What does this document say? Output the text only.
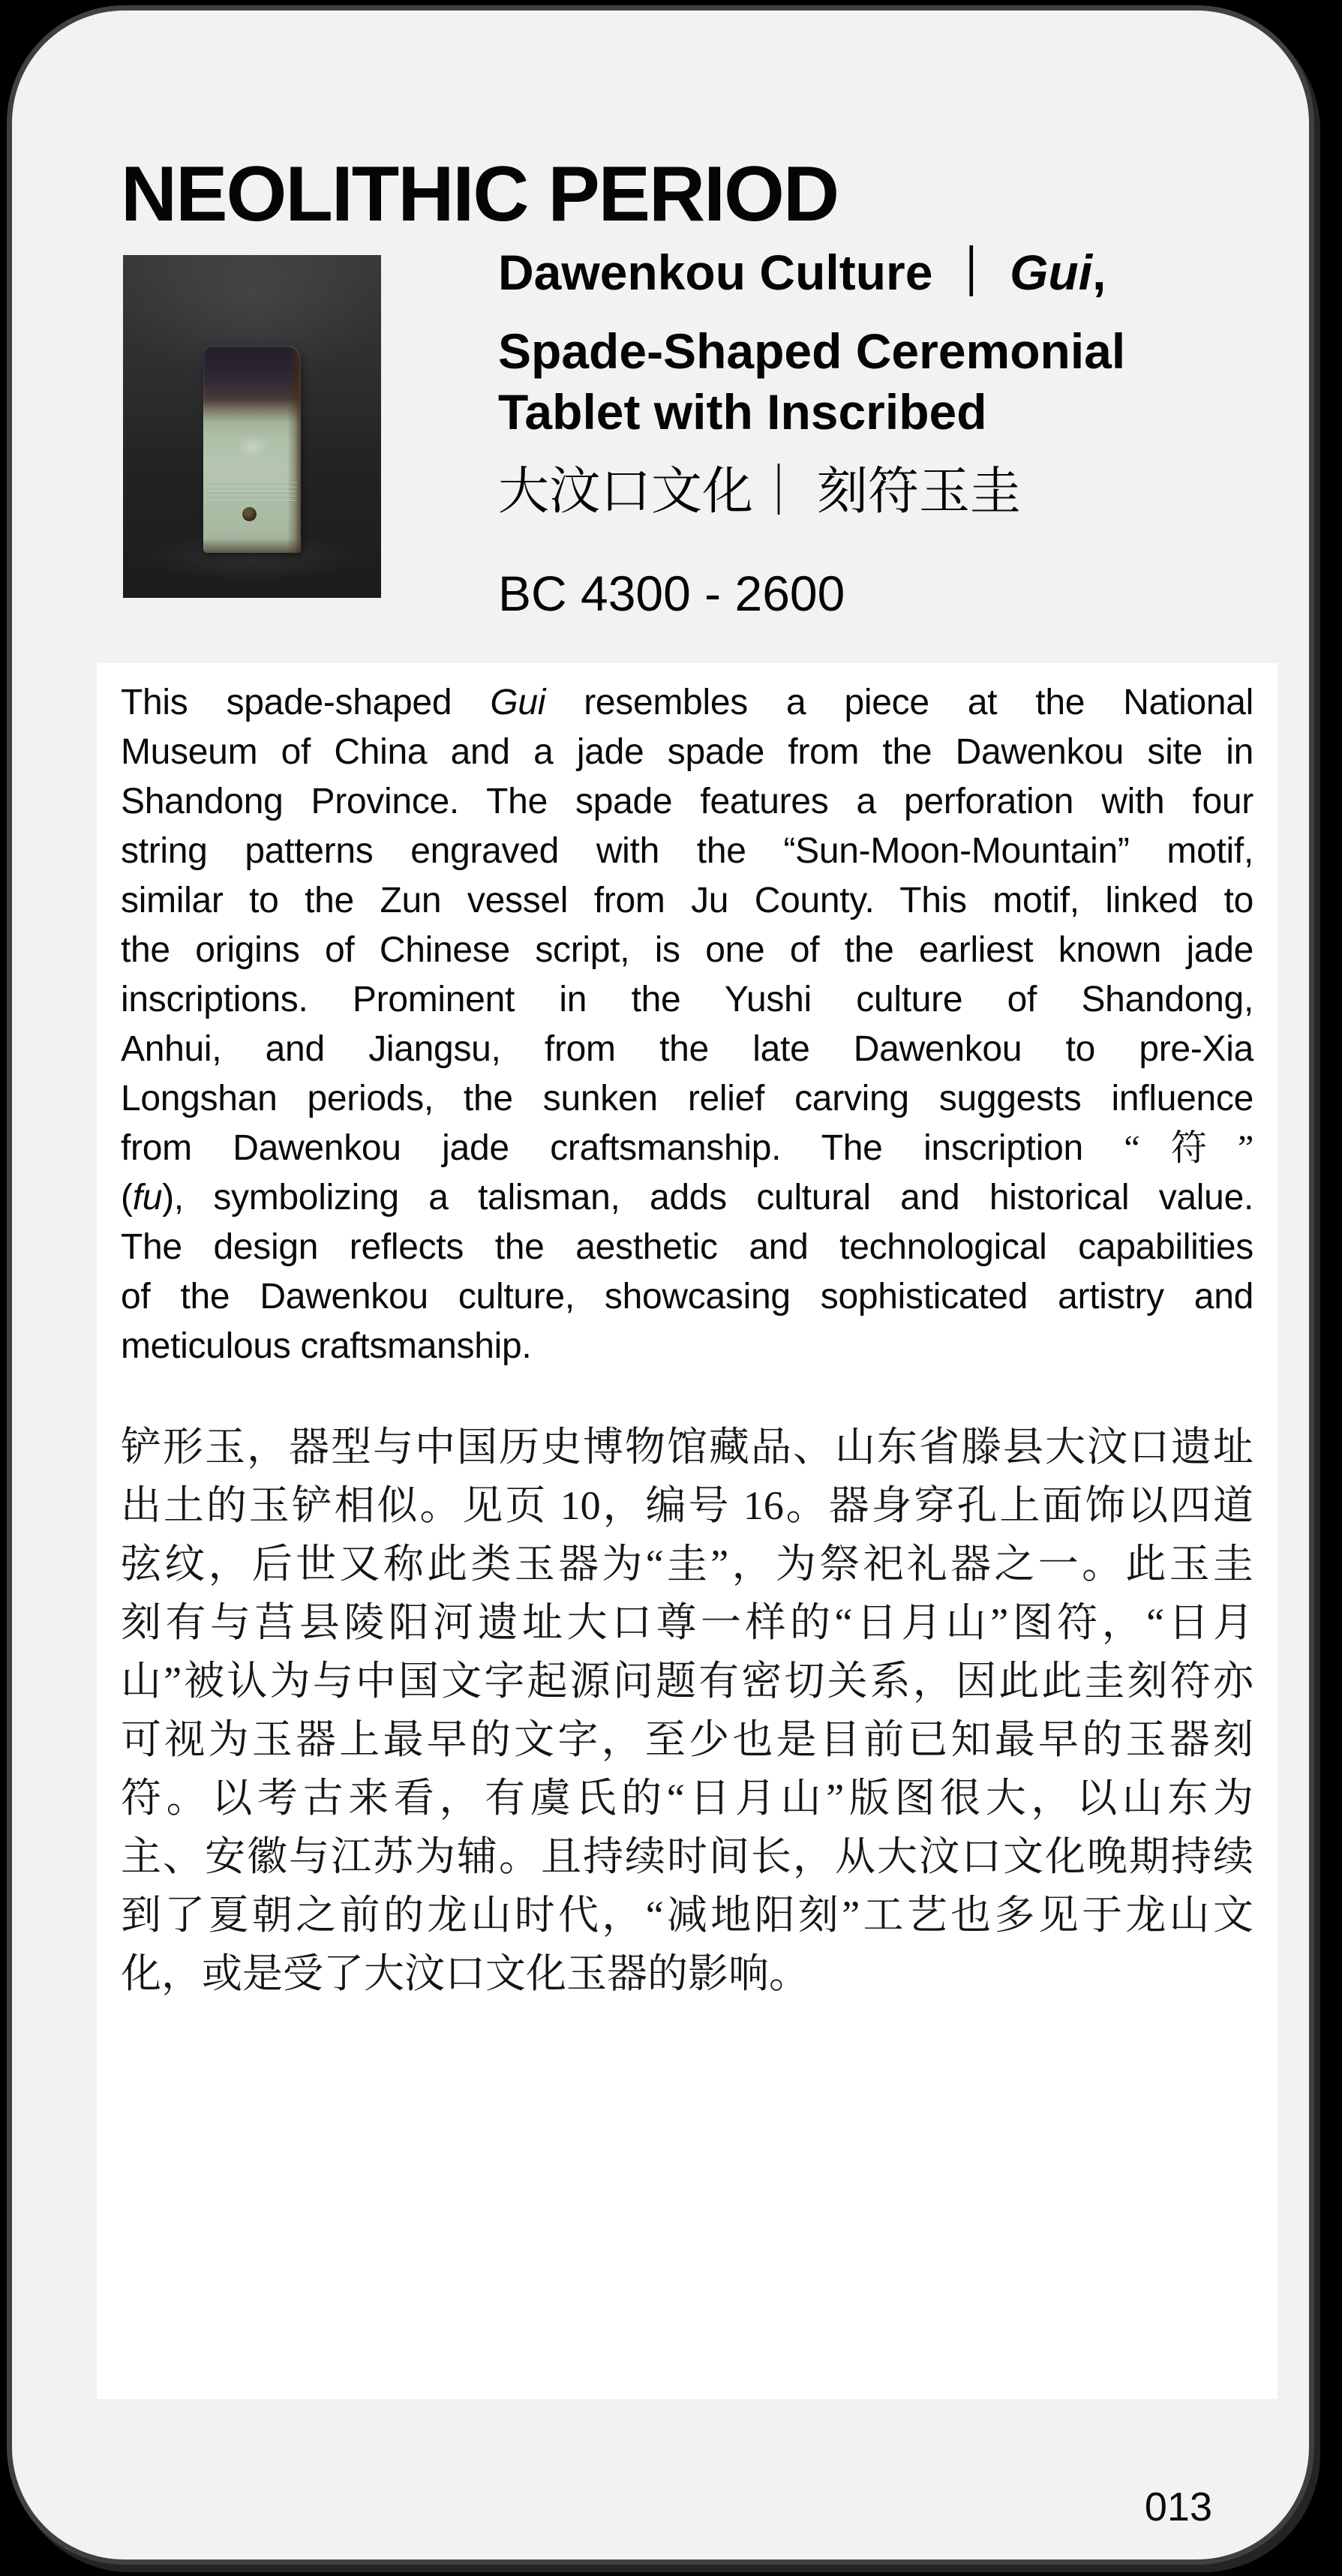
NEOLITHIC PERIOD
Dawenkou Culture ｜ Gui,
Spade-Shaped Ceremonial
Tablet with Inscribed
大汶口文化｜ 刻符玉圭
BC 4300 - 2600
This spade-shaped Gui resembles a piece at the National
Museum of China and a jade spade from the Dawenkou site in
Shandong Province. The spade features a perforation with four
string patterns engraved with the “Sun-Moon-Mountain” motif,
similar to the Zun vessel from Ju County. This motif, linked to
the origins of Chinese script, is one of the earliest known jade
inscriptions. Prominent in the Yushi culture of Shandong,
Anhui, and Jiangsu, from the late Dawenkou to pre-Xia
Longshan periods, the sunken relief carving suggests influence
from Dawenkou jade craftsmanship. The inscription “符”
(fu), symbolizing a talisman, adds cultural and historical value.
The design reflects the aesthetic and technological capabilities
of the Dawenkou culture, showcasing sophisticated artistry and
meticulous craftsmanship.
铲形玉，器型与中国历史博物馆藏品、山东省滕县大汶口遗址
出土的玉铲相似。见页 10，编号 16。器身穿孔上面饰以四道
弦纹，后世又称此类玉器为“圭”，为祭祀礼器之一。此玉圭
刻有与莒县陵阳河遗址大口尊一样的“日月山”图符，“日月
山”被认为与中国文字起源问题有密切关系，因此此圭刻符亦
可视为玉器上最早的文字，至少也是目前已知最早的玉器刻
符。以考古来看，有虞氏的“日月山”版图很大，以山东为
主、安徽与江苏为辅。且持续时间长，从大汶口文化晚期持续
到了夏朝之前的龙山时代，“减地阳刻”工艺也多见于龙山文
化，或是受了大汶口文化玉器的影响。
013
